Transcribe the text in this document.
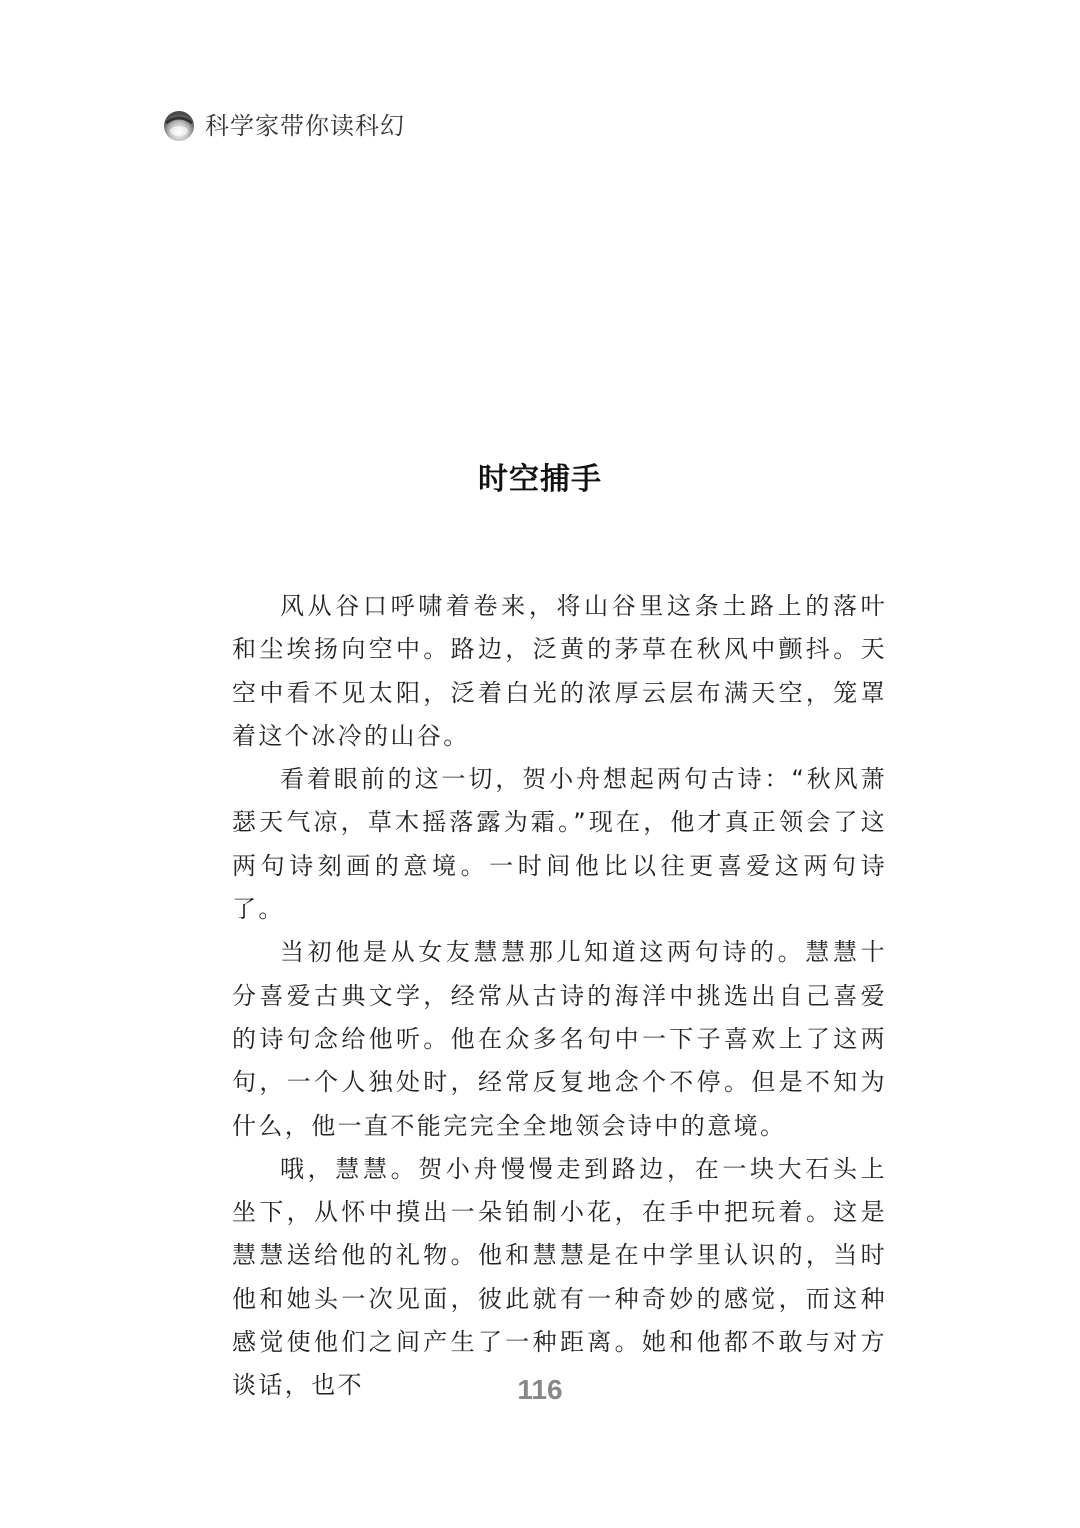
科学家带你读科幻
时空捕手

风从谷口呼啸着卷来，将山谷里这条土路上的落叶和尘埃扬向空中。路边，泛黄的茅草在秋风中颤抖。天空中看不见太阳，泛着白光的浓厚云层布满天空，笼罩着这个冰冷的山谷。

看着眼前的这一切，贺小舟想起两句古诗：“秋风萧瑟天气凉，草木摇落露为霜。”现在，他才真正领会了这两句诗刻画的意境。一时间他比以往更喜爱这两句诗了。

当初他是从女友慧慧那儿知道这两句诗的。慧慧十分喜爱古典文学，经常从古诗的海洋中挑选出自己喜爱的诗句念给他听。他在众多名句中一下子喜欢上了这两句，一个人独处时，经常反复地念个不停。但是不知为什么，他一直不能完完全全地领会诗中的意境。

哦，慧慧。贺小舟慢慢走到路边，在一块大石头上坐下，从怀中摸出一朵铂制小花，在手中把玩着。这是慧慧送给他的礼物。他和慧慧是在中学里认识的，当时他和她头一次见面，彼此就有一种奇妙的感觉，而这种感觉使他们之间产生了一种距离。她和他都不敢与对方谈话，也不	116
